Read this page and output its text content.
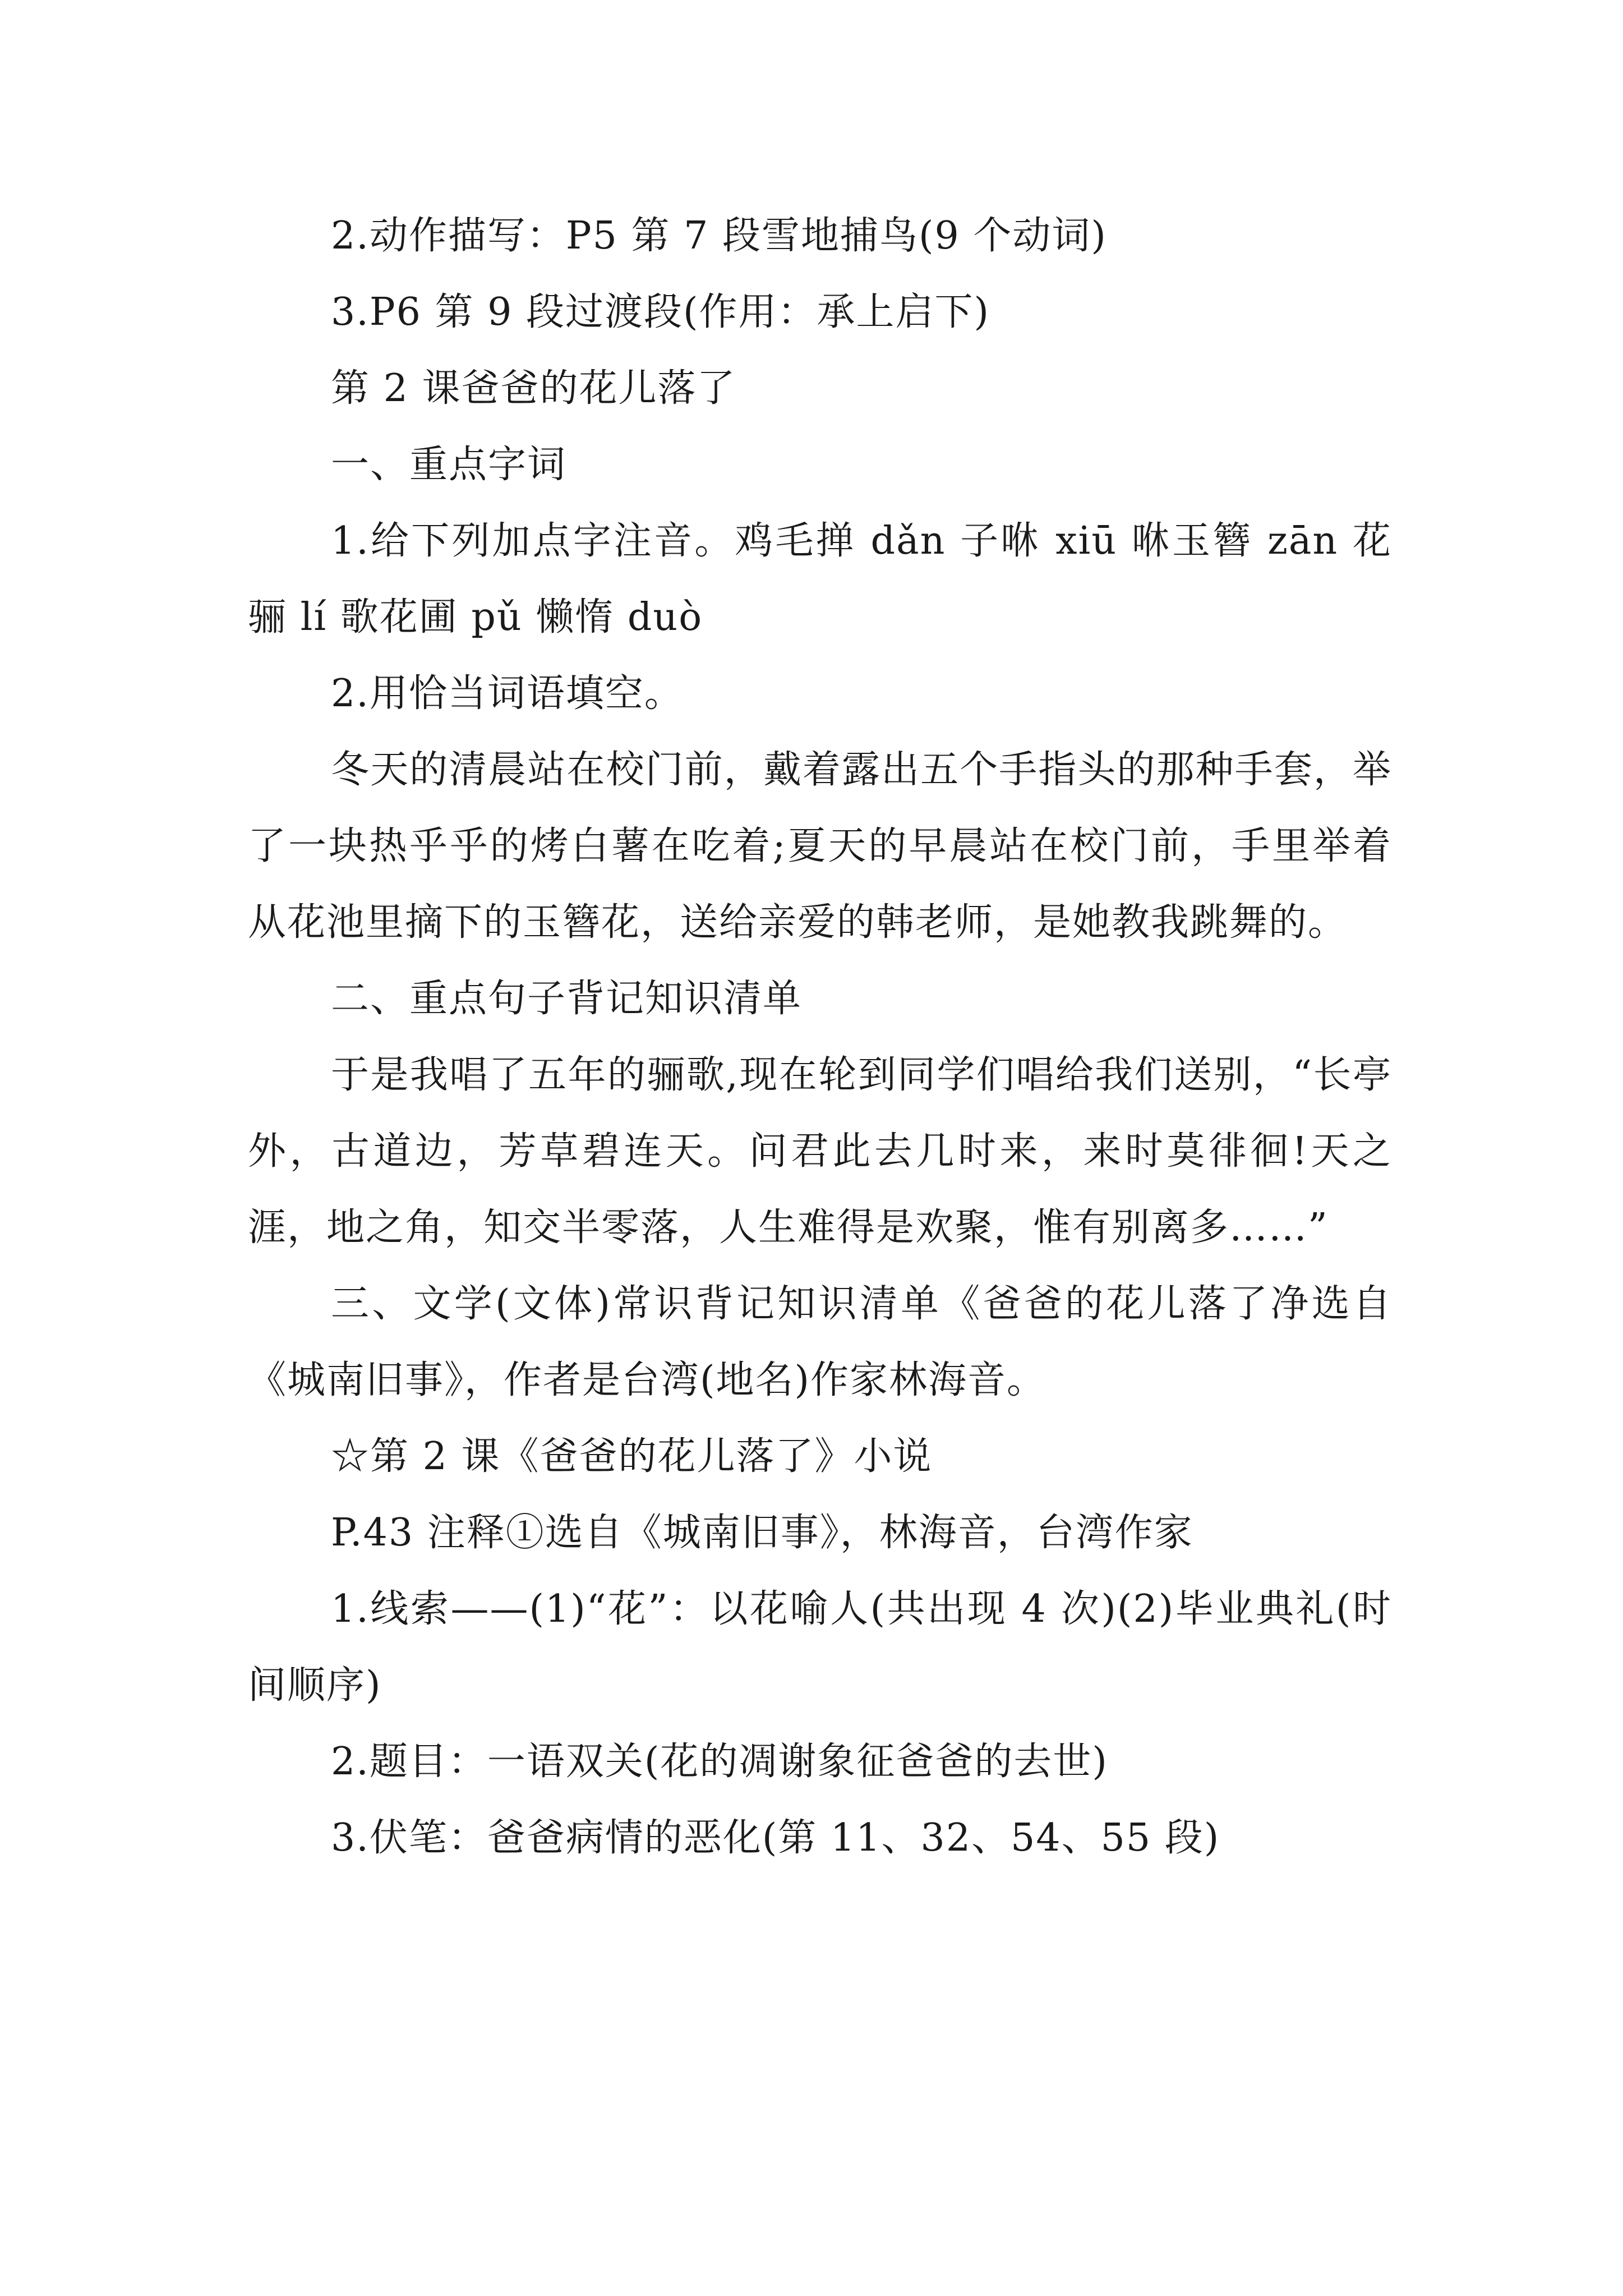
2.动作描写：P5 第 7 段雪地捕鸟(9 个动词)

3.P6 第 9 段过渡段(作用：承上启下)

第 2 课爸爸的花儿落了

一、重点字词

1.给下列加点字注音。鸡毛掸 dǎn 子咻 xiū 咻玉簪 zān 花骊 lí 歌花圃 pǔ 懒惰 duò

2.用恰当词语填空。

冬天的清晨站在校门前，戴着露出五个手指头的那种手套，举了一块热乎乎的烤白薯在吃着;夏天的早晨站在校门前，手里举着从花池里摘下的玉簪花，送给亲爱的韩老师，是她教我跳舞的。

二、重点句子背记知识清单

于是我唱了五年的骊歌,现在轮到同学们唱给我们送别，“长亭外，古道边，芳草碧连天。问君此去几时来，来时莫徘徊!天之涯，地之角，知交半零落，人生难得是欢聚，惟有别离多……”

三、文学(文体)常识背记知识清单《爸爸的花儿落了净选自《城南旧事》，作者是台湾(地名)作家林海音。

☆第 2 课《爸爸的花儿落了》小说

P.43 注释①选自《城南旧事》，林海音，台湾作家

1.线索——(1)“花”：以花喻人(共出现 4 次)(2)毕业典礼(时间顺序)

2.题目：一语双关(花的凋谢象征爸爸的去世)

3.伏笔：爸爸病情的恶化(第 11、32、54、55 段)
